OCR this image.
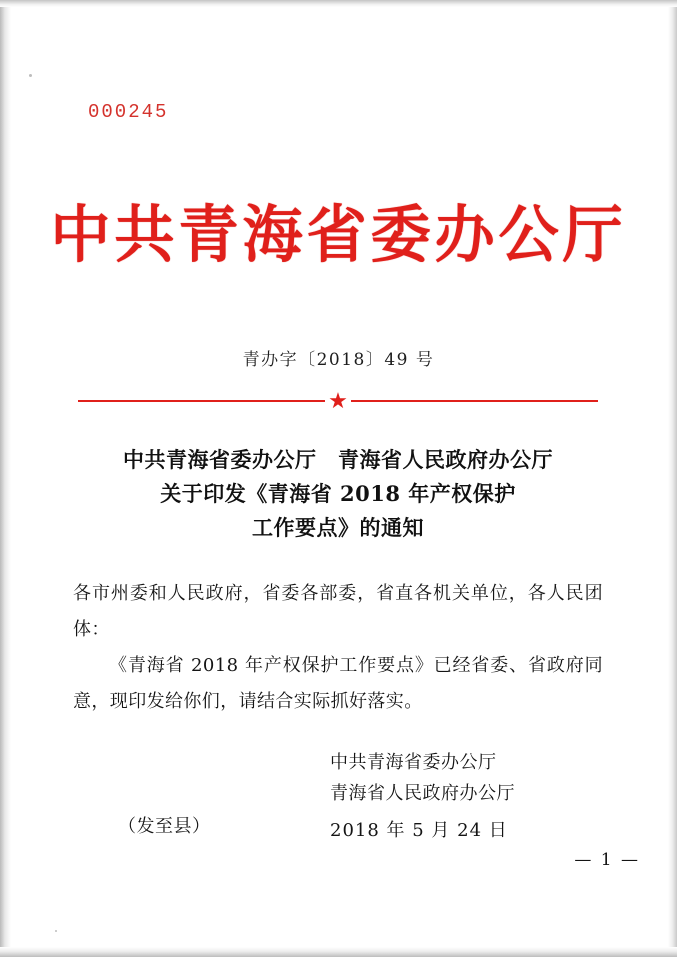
000245
中共青海省委办公厅
青办字〔2018〕49 号
★
中共青海省委办公厅　青海省人民政府办公厅
关于印发《青海省 2018 年产权保护
工作要点》的通知
各市州委和人民政府，省委各部委，省直各机关单位，各人民团体：
《青海省 2018 年产权保护工作要点》已经省委、省政府同意，现印发给你们，请结合实际抓好落实。
中共青海省委办公厅
青海省人民政府办公厅
2018 年 5 月 24 日
（发至县）
— 1 —
